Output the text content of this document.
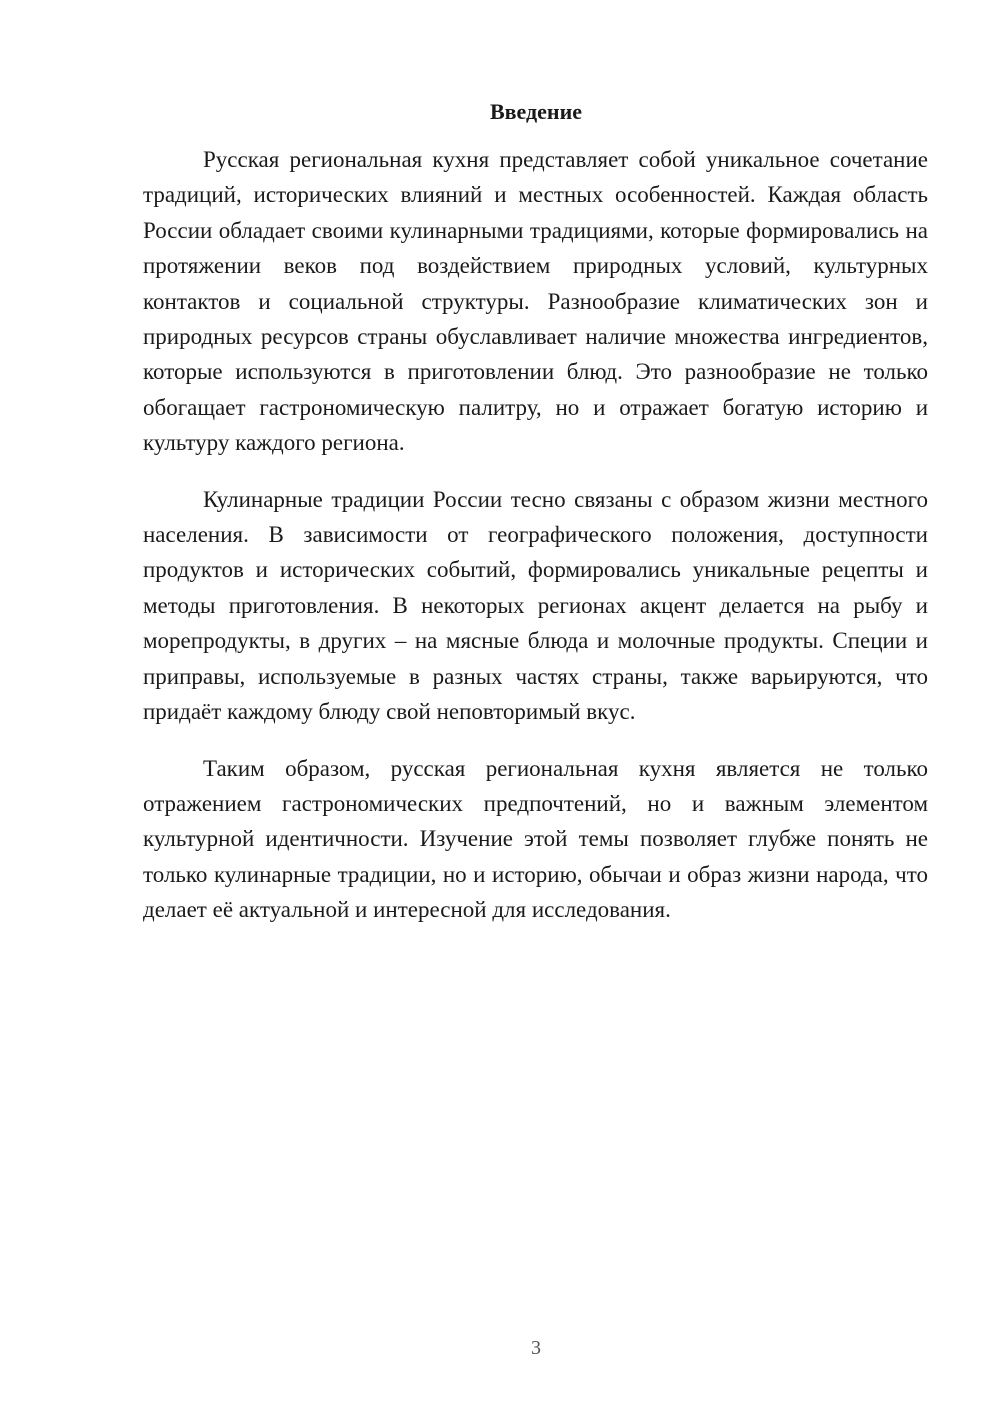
Введение

Русская региональная кухня представляет собой уникальное сочетание традиций, исторических влияний и местных особенностей. Каждая область России обладает своими кулинарными традициями, которые формировались на протяжении веков под воздействием природных условий, культурных контактов и социальной структуры. Разнообразие климатических зон и природных ресурсов страны обуславливает наличие множества ингредиентов, которые используются в приготовлении блюд. Это разнообразие не только обогащает гастрономическую палитру, но и отражает богатую историю и культуру каждого региона.

Кулинарные традиции России тесно связаны с образом жизни местного населения. В зависимости от географического положения, доступности продуктов и исторических событий, формировались уникальные рецепты и методы приготовления. В некоторых регионах акцент делается на рыбу и морепродукты, в других – на мясные блюда и молочные продукты. Специи и приправы, используемые в разных частях страны, также варьируются, что придаёт каждому блюду свой неповторимый вкус.

Таким образом, русская региональная кухня является не только отражением гастрономических предпочтений, но и важным элементом культурной идентичности. Изучение этой темы позволяет глубже понять не только кулинарные традиции, но и историю, обычаи и образ жизни народа, что делает её актуальной и интересной для исследования.

3
